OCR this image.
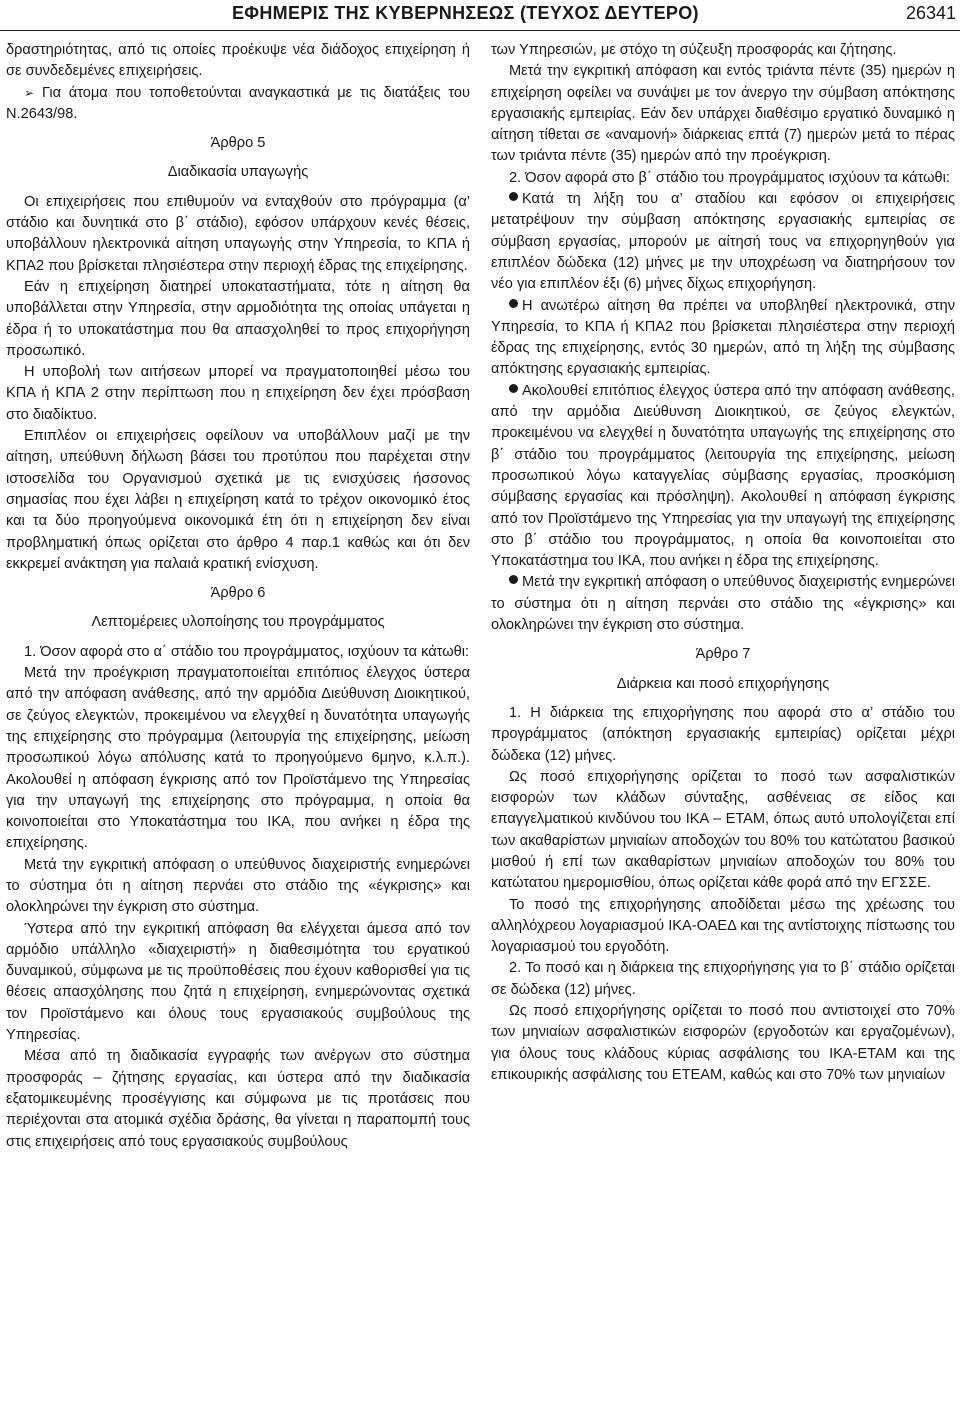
ΕΦΗΜΕΡΙΣ ΤΗΣ ΚΥΒΕΡΝΗΣΕΩΣ (ΤΕΥΧΟΣ ΔΕΥΤΕΡΟ)	26341

δραστηριότητας, από τις οποίες προέκυψε νέα διάδοχος επιχείρηση ή σε συνδεδεμένες επιχειρήσεις.

➢ Για άτομα που τοποθετούνται αναγκαστικά με τις διατάξεις του Ν.2643/98.

Άρθρο 5
Διαδικασία υπαγωγής

Οι επιχειρήσεις που επιθυμούν να ενταχθούν στο πρόγραμμα (α’ στάδιο και δυνητικά στο β΄ στάδιο), εφόσον υπάρχουν κενές θέσεις, υποβάλλουν ηλεκτρονικά αίτηση υπαγωγής στην Υπηρεσία, το ΚΠΑ ή ΚΠΑ2 που βρίσκεται πλησιέστερα στην περιοχή έδρας της επιχείρησης.

Εάν η επιχείρηση διατηρεί υποκαταστήματα, τότε η αίτηση θα υποβάλλεται στην Υπηρεσία, στην αρμοδιότητα της οποίας υπάγεται η έδρα ή το υποκατάστημα που θα απασχοληθεί το προς επιχορήγηση προσωπικό.

Η υποβολή των αιτήσεων μπορεί να πραγματοποιηθεί μέσω του ΚΠΑ ή ΚΠΑ 2 στην περίπτωση που η επιχείρηση δεν έχει πρόσβαση στο διαδίκτυο.

Επιπλέον οι επιχειρήσεις οφείλουν να υποβάλλουν μαζί με την αίτηση, υπεύθυνη δήλωση βάσει του προτύπου που παρέχεται στην ιστοσελίδα του Οργανισμού σχετικά με τις ενισχύσεις ήσσονος σημασίας που έχει λάβει η επιχείρηση κατά το τρέχον οικονομικό έτος και τα δύο προηγούμενα οικονομικά έτη ότι η επιχείρηση δεν είναι προβληματική όπως ορίζεται στο άρθρο 4 παρ.1 καθώς και ότι δεν εκκρεμεί ανάκτηση για παλαιά κρατική ενίσχυση.

Άρθρο 6
Λεπτομέρειες υλοποίησης του προγράμματος

1. Όσον αφορά στο α΄ στάδιο του προγράμματος, ισχύουν τα κάτωθι:

Μετά την προέγκριση πραγματοποιείται επιτόπιος έλεγχος ύστερα από την απόφαση ανάθεσης, από την αρμόδια Διεύθυνση Διοικητικού, σε ζεύγος ελεγκτών, προκειμένου να ελεγχθεί η δυνατότητα υπαγωγής της επιχείρησης στο πρόγραμμα (λειτουργία της επιχείρησης, μείωση προσωπικού λόγω απόλυσης κατά το προηγούμενο 6μηνο, κ.λ.π.). Ακολουθεί η απόφαση έγκρισης από τον Προϊστάμενο της Υπηρεσίας για την υπαγωγή της επιχείρησης στο πρόγραμμα, η οποία θα κοινοποιείται στο Υποκατάστημα του ΙΚΑ, που ανήκει η έδρα της επιχείρησης.

Μετά την εγκριτική απόφαση ο υπεύθυνος διαχειριστής ενημερώνει το σύστημα ότι η αίτηση περνάει στο στάδιο της «έγκρισης» και ολοκληρώνει την έγκριση στο σύστημα.

Ύστερα από την εγκριτική απόφαση θα ελέγχεται άμεσα από τον αρμόδιο υπάλληλο «διαχειριστή» η διαθεσιμότητα του εργατικού δυναμικού, σύμφωνα με τις προϋποθέσεις που έχουν καθορισθεί για τις θέσεις απασχόλησης που ζητά η επιχείρηση, ενημερώνοντας σχετικά τον Προϊστάμενο και όλους τους εργασιακούς συμβούλους της Υπηρεσίας.

Μέσα από τη διαδικασία εγγραφής των ανέργων στο σύστημα προσφοράς – ζήτησης εργασίας, και ύστερα από την διαδικασία εξατομικευμένης προσέγγισης και σύμφωνα με τις προτάσεις που περιέχονται στα ατομικά σχέδια δράσης, θα γίνεται η παραπομπή τους στις επιχειρήσεις από τους εργασιακούς συμβούλους

των Υπηρεσιών, με στόχο τη σύζευξη προσφοράς και ζήτησης.

Μετά την εγκριτική απόφαση και εντός τριάντα πέντε (35) ημερών η επιχείρηση οφείλει να συνάψει με τον άνεργο την σύμβαση απόκτησης εργασιακής εμπειρίας. Εάν δεν υπάρχει διαθέσιμο εργατικό δυναμικό η αίτηση τίθεται σε «αναμονή» διάρκειας επτά (7) ημερών μετά το πέρας των τριάντα πέντε (35) ημερών από την προέγκριση.

2. Όσον αφορά στο β΄ στάδιο του προγράμματος ισχύουν τα κάτωθι:

Κατά τη λήξη του α’ σταδίου και εφόσον οι επιχειρήσεις μετατρέψουν την σύμβαση απόκτησης εργασιακής εμπειρίας σε σύμβαση εργασίας, μπορούν με αίτησή τους να επιχορηγηθούν για επιπλέον δώδεκα (12) μήνες με την υποχρέωση να διατηρήσουν τον νέο για επιπλέον έξι (6) μήνες δίχως επιχορήγηση.

Η ανωτέρω αίτηση θα πρέπει να υποβληθεί ηλεκτρονικά, στην Υπηρεσία, το ΚΠΑ ή ΚΠΑ2 που βρίσκεται πλησιέστερα στην περιοχή έδρας της επιχείρησης, εντός 30 ημερών, από τη λήξη της σύμβασης απόκτησης εργασιακής εμπειρίας.

Ακολουθεί επιτόπιος έλεγχος ύστερα από την απόφαση ανάθεσης, από την αρμόδια Διεύθυνση Διοικητικού, σε ζεύγος ελεγκτών, προκειμένου να ελεγχθεί η δυνατότητα υπαγωγής της επιχείρησης στο β΄ στάδιο του προγράμματος (λειτουργία της επιχείρησης, μείωση προσωπικού λόγω καταγγελίας σύμβασης εργασίας, προσκόμιση σύμβασης εργασίας και πρόσληψη). Ακολουθεί η απόφαση έγκρισης από τον Προϊστάμενο της Υπηρεσίας για την υπαγωγή της επιχείρησης στο β΄ στάδιο του προγράμματος, η οποία θα κοινοποιείται στο Υποκατάστημα του ΙΚΑ, που ανήκει η έδρα της επιχείρησης.

Μετά την εγκριτική απόφαση ο υπεύθυνος διαχειριστής ενημερώνει το σύστημα ότι η αίτηση περνάει στο στάδιο της «έγκρισης» και ολοκληρώνει την έγκριση στο σύστημα.

Άρθρο 7
Διάρκεια και ποσό επιχορήγησης

1. Η διάρκεια της επιχορήγησης που αφορά στο α’ στάδιο του προγράμματος (απόκτηση εργασιακής εμπειρίας) ορίζεται μέχρι δώδεκα (12) μήνες.

Ως ποσό επιχορήγησης ορίζεται το ποσό των ασφαλιστικών εισφορών των κλάδων σύνταξης, ασθένειας σε είδος και επαγγελματικού κινδύνου του ΙΚΑ – ΕΤΑΜ, όπως αυτό υπολογίζεται επί των ακαθαρίστων μηνιαίων αποδοχών του 80% του κατώτατου βασικού μισθού ή επί των ακαθαρίστων μηνιαίων αποδοχών του 80% του κατώτατου ημερομισθίου, όπως ορίζεται κάθε φορά από την ΕΓΣΣΕ.

Το ποσό της επιχορήγησης αποδίδεται μέσω της χρέωσης του αλληλόχρεου λογαριασμού ΙΚΑ-ΟΑΕΔ και της αντίστοιχης πίστωσης του λογαριασμού του εργοδότη.

2. Το ποσό και η διάρκεια της επιχορήγησης για το β΄ στάδιο ορίζεται σε δώδεκα (12) μήνες.

Ως ποσό επιχορήγησης ορίζεται το ποσό που αντιστοιχεί στο 70% των μηνιαίων ασφαλιστικών εισφορών (εργοδοτών και εργαζομένων), για όλους τους κλάδους κύριας ασφάλισης του ΙΚΑ-ΕΤΑΜ και της επικουρικής ασφάλισης του ΕΤΕΑΜ, καθώς και στο 70% των μηνιαίων
